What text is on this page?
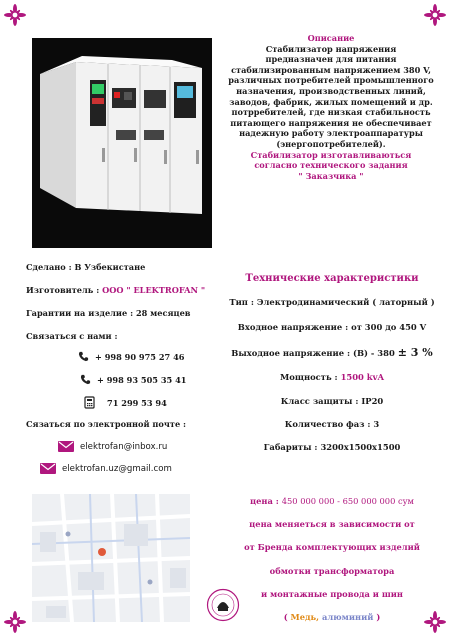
Описание
Стабилизатор напряжения
предназначен для питания
стабилизированным напряжением 380 V,
различных потребителей промышленного
назначения, производственных линий,
заводов, фабрик, жилых помещений и др.
потрребителей, где низкая стабильность
питающего напряжения не обеспечивает
надежную работу электроаппаратуры
(энергопотребителей).
Стабилизатор изготавливаються
согласно технического задания
" Заказчика "
Сделано : В Узбекистане
Изготовитель : ООО " ELEKTROFAN "
Гарантии на изделие : 28 месяцев
Связаться с нами :
+ 998 90 975 27 46
+ 998 93 505 35 41
71 299 53 94
Сязаться по электронной почте :
elektrofan@inbox.ru
elektrofan.uz@gmail.com
Технические характеристики
Тип : Электродинамический ( латорный )
Входное напряжение : от 300 до 450 V
Выходное напряжение : (В) - 380 ± 3 %
Мощность : 1500 kvA
Класс защиты : IP20
Количество фаз : 3
Габариты : 3200х1500х1500
цена : 450 000 000 - 650 000 000 сум
цена меняеться в зависимости от
от Бренда комплектующих изделий
обмотки трансформатора
и монтажные провода и шин
( Медь, алюминий )
